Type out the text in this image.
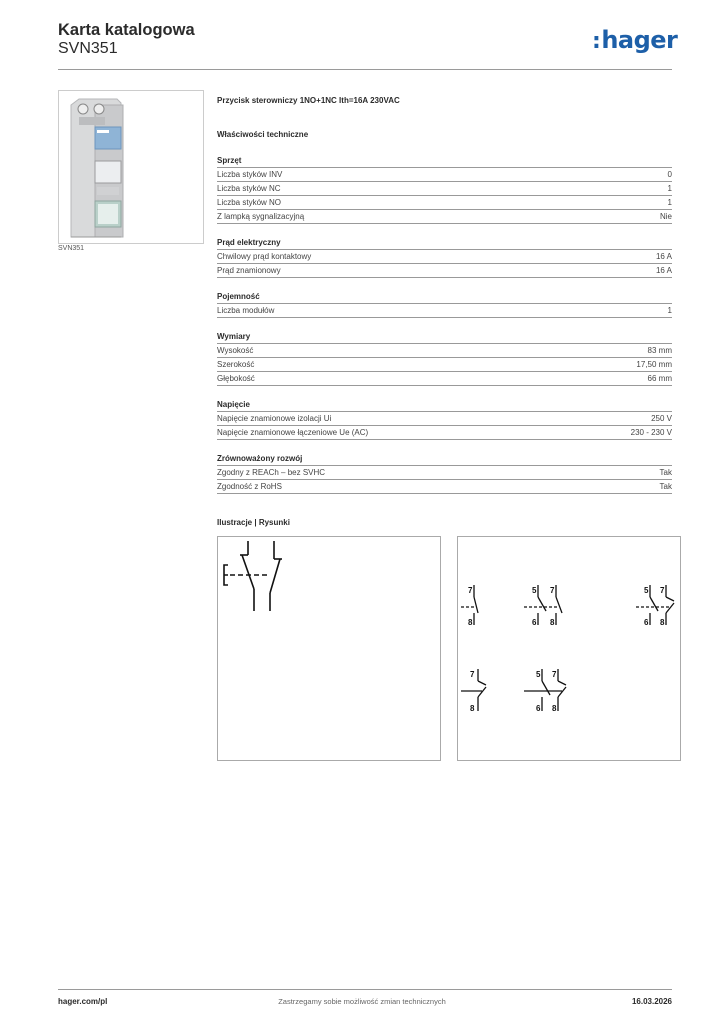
Karta katalogowa
SVN351	:hager
SVN351
Przycisk sterowniczy 1NO+1NC Ith=16A 230VAC
Właściwości techniczne
Sprzęt
Liczba styków INV	0
Liczba styków NC	1
Liczba styków NO	1
Z lampką sygnalizacyjną	Nie
Prąd elektryczny
Chwilowy prąd kontaktowy	16 A
Prąd znamionowy	16 A
Pojemność
Liczba modułów	1
Wymiary
Wysokość	83 mm
Szerokość	17,50 mm
Głębokość	66 mm
Napięcie
Napięcie znamionowe izolacji Ui	250 V
Napięcie znamionowe łączeniowe Ue (AC)	230 - 230 V
Zrównoważony rozwój
Zgodny z REACh – bez SVHC	Tak
Zgodność z RoHS	Tak
Ilustracje | Rysunki
7
8
5
6
7
8
5
6
7
8
7
8
5
6
7
8
hager.com/pl	Zastrzegamy sobie możliwość zmian technicznych	16.03.2026
